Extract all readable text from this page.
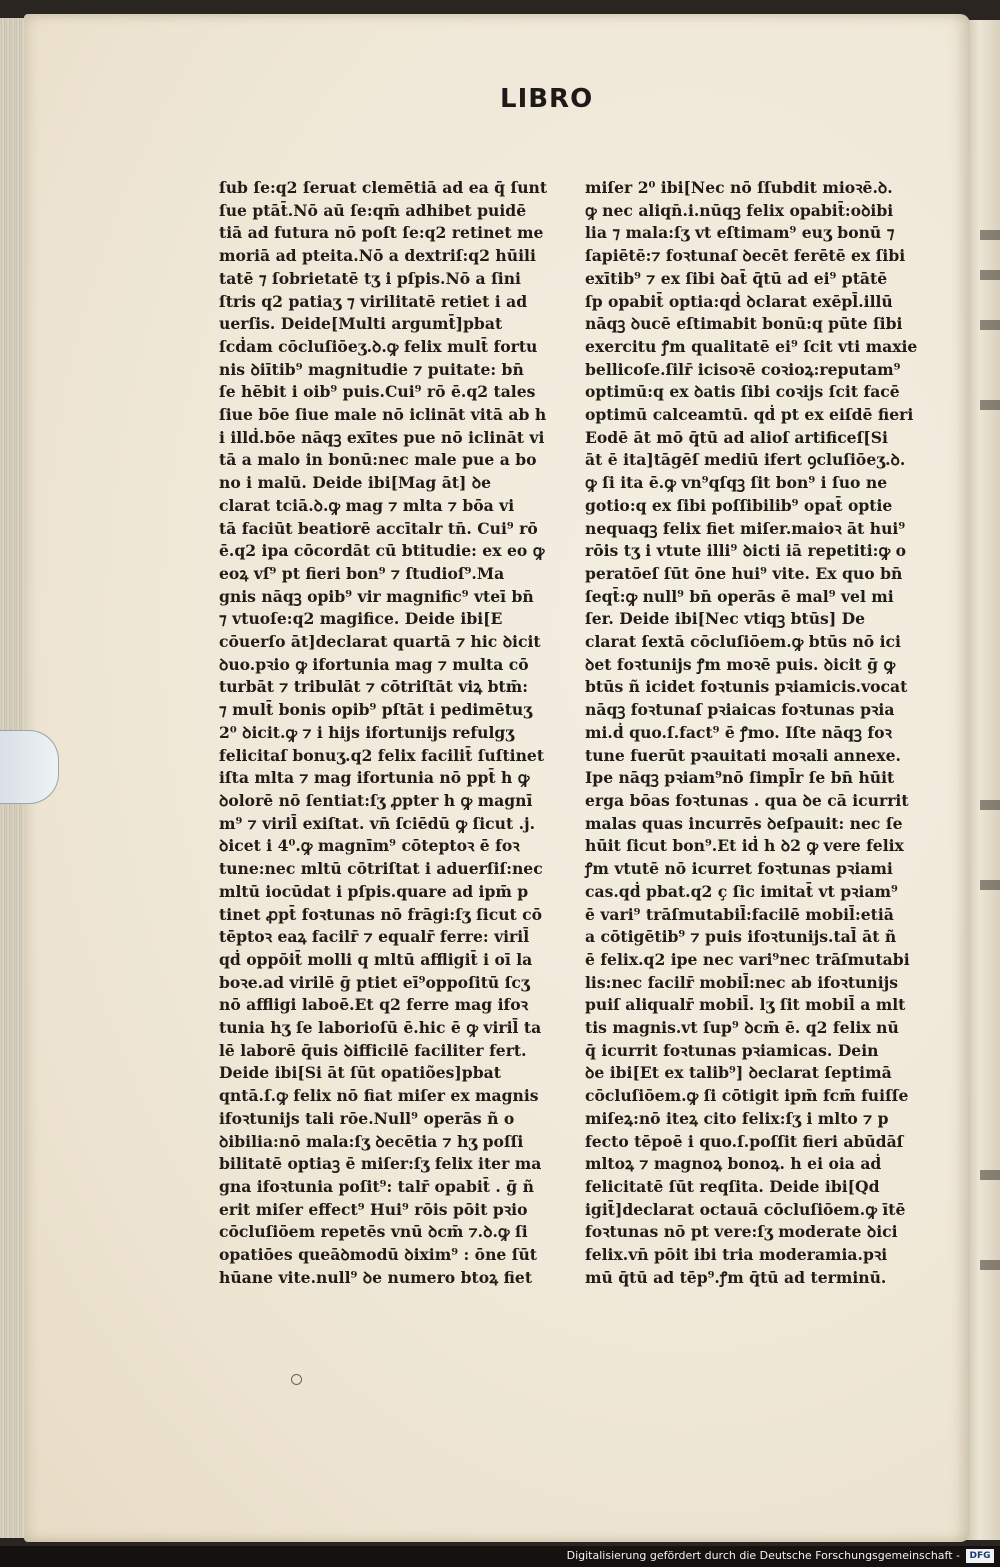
LIBRO
ſub ſe:q2 ſeruat clemētiā ad ea q̄ ſunt
ſue ptāt̄.Nō aū ſe:qm̄ adhibet puidē
tiā ad futura nō poſt ſe:q2 retinet me
moriā ad pteita.Nō a dextriſ:q2 hūili
tatē ⁊ ſobrietatē tʒ i pſpis.Nō a ſini
ſtris q2 patiaʒ ⁊ virilitatē retiet i ad
uerſis. Deide[Multi argumt̄]pbat
ſcḋam cōcluſiōeʒ.ꝺ.ꝙ felix mult̄ fortu
nis ꝺiītib⁹ magnitudie ⁊ puitate: bn̄
ſe hēbit i oib⁹ puis.Cui⁹ rō ē.q2 tales
ſiue bōe ſiue male nō iclināt vitā ab h
i illḋ.bōe nāqꝫ exītes pue nō iclināt vi
tā a malo in bonū:nec male pue a bo
no i malū. Deide ibi[Mag āt] ꝺe
clarat tciā.ꝺ.ꝙ mag ⁊ mlta ⁊ bōa vi
tā faciūt beatiorē accītalr tn̄. Cui⁹ rō
ē.q2 ipa cōcordāt cū btitudie: ex eo ꝙ
eoꝝ vſ⁹ pt fieri bon⁹ ⁊ ſtudioſ⁹.Ma
gnis nāqꝫ opib⁹ vir magnific⁹ vteī bn̄
⁊ vtuoſe:q2 magifice. Deide ibi[E
cōuerſo āt]declarat quartā ⁊ hic ꝺicit
ꝺuo.pꝛio ꝙ ifortunia mag ⁊ multa cō
turbāt ⁊ tribulāt ⁊ cōtriſtāt viꝝ btm̄:
⁊ mult̄ bonis opib⁹ pſtāt i pedimētuʒ
2⁰ ꝺicit.ꝙ ⁊ i hijs ifortunijs refulgʒ
felicitaſ bonuʒ.q2 felix facilit̄ ſuſtinet
iſta mlta ⁊ mag ifortunia nō ppt̄ h ꝙ
ꝺolorē nō ſentiat:ſʒ ꝓpter h ꝙ magnī
m⁹ ⁊ viril̄ exiſtat. vn̄ ſciēdū ꝙ ſicut .j.
ꝺicet i 4⁰.ꝙ magnīm⁹ cōteptoꝛ ē foꝛ
tune:nec mltū cōtriſtat i aduerſiſ:nec
mltū iocūdat i pſpis.quare ad ipm̄ p
tinet ꝓpt̄ foꝛtunas nō frāgi:ſʒ ſicut cō
tēptoꝛ eaꝝ facilr̄ ⁊ equalr̄ ferre: viril̄
qḋ oppōit̄ molli q mltū affligit̄ i oī la
boꝛe.ad virilē ḡ ptiet eī⁹oppoſitū ſcʒ
nō affligi laboē.Et q2 ferre mag ifoꝛ
tunia hʒ ſe laborioſū ē.hic ē ꝙ viril̄ ta
lē laborē q̄uis ꝺifficilē faciliter fert.
Deide ibi[Si āt ſūt opatiões]pbat
qntā.ſ.ꝙ felix nō fiat miſer ex magnis
ifoꝛtunijs tali rōe.Null⁹ operās ñ o
ꝺibilia:nō mala:ſʒ ꝺecētia ⁊ hʒ poſſi
bilitatē optiaꝫ ē miſer:ſʒ felix iter ma
gna ifoꝛtunia poſit⁹: talr̄ opabit̄ . ḡ ñ
erit miſer effect⁹ Hui⁹ rōis pōit pꝛio
cōcluſiōem repetēs vnū ꝺcm̄ ⁊.ꝺ.ꝙ ſi
opatiōes queāꝺmodū ꝺixim⁹ : ōne ſūt
hūane vite.null⁹ ꝺe numero btoꝝ fiet
miſer 2⁰ ibi[Nec nō ſſubdit mioꝛē.ꝺ.
ꝙ nec aliqn̄.i.nūqꝫ felix opabit̄:oꝺibi
lia ⁊ mala:ſʒ vt eſtimam⁹ euʒ bonū ⁊
ſapiētē:⁊ foꝛtunaſ ꝺecēt ferētē ex ſibi
exītib⁹ ⁊ ex ſibi ꝺat̄ q̄tū ad ei⁹ ptātē
ſp opabit̄ optia:qḋ ꝺclarat exēpl̄.illū
nāqꝫ ꝺucē eſtimabit bonū:q pūte ſibi
exercitu ꝭm qualitatē ei⁹ ſcit vti maxie
bellicoſe.ſilr̄ icisoꝛē coꝛioꝝ:reputam⁹
optimū:q ex ꝺatis ſibi coꝛijs ſcit facē
optimū calceamtū. qḋ pt ex eiſdē fieri
Eodē āt mō q̄tū ad alioſ artificeſ[Si
āt ē ita]tāgēſ mediū ifert ꝯcluſiōeʒ.ꝺ.
ꝙ ſi ita ē.ꝙ vn⁹qſqꝫ ſit bon⁹ i ſuo ne
gotio:q ex ſibi poſſibilib⁹ opat̄ optie
nequaqꝫ felix fiet miſer.maioꝛ āt hui⁹
rōis tʒ i vtute illi⁹ ꝺicti iā repetiti:ꝙ o
peratōeſ ſūt ōne hui⁹ vite. Ex quo bn̄
ſeqt̄:ꝙ null⁹ bn̄ operās ē mal⁹ vel mi
ſer. Deide ibi[Nec vtiqꝫ btūs] De
clarat ſextā cōcluſiōem.ꝙ btūs nō ici
ꝺet foꝛtunijs ꝭm moꝛē puis. ꝺicit ḡ ꝙ
btūs ñ icidet foꝛtunis pꝛiamicis.vocat
nāqꝫ foꝛtunaſ pꝛiaicas foꝛtunas pꝛia
mi.ḋ quo.ſ.fact⁹ ē ꝭmo. Iſte nāqꝫ foꝛ
tune fuerūt pꝛauitati moꝛali annexe.
Ipe nāqꝫ pꝛiam⁹nō ſimpl̄r ſe bn̄ hūit
erga bōas foꝛtunas . qua ꝺe cā icurrit
malas quas incurrēs ꝺeſpauit: nec ſe
hūit ſicut bon⁹.Et iḋ h ꝺ2 ꝙ vere felix
ꝭm vtutē nō icurret foꝛtunas pꝛiami
cas.qḋ pbat.q2 ç ſic imitat̄ vt pꝛiam⁹
ē vari⁹ trāſmutabil̄:facilē mobil̄:etiā
a cōtigētib⁹ ⁊ puis ifoꝛtunijs.tal̄ āt ñ
ē felix.q2 ipe nec vari⁹nec trāſmutabi
lis:nec facilr̄ mobil̄:nec ab ifoꝛtunijs
puiſ aliqualr̄ mobil̄. lʒ ſit mobil̄ a mlt
tis magnis.vt ſup⁹ ꝺcm̄ ē. q2 felix nū
q̄ icurrit foꝛtunas pꝛiamicas. Dein
ꝺe ibi[Et ex talib⁹] ꝺeclarat ſeptimā
cōcluſiōem.ꝙ ſi cōtigit ipm̄ fcm̄ fuiſſe
miſeꝝ:nō iteꝝ cito felix:ſʒ i mlto ⁊ p
fecto tēpoē i quo.ſ.poſſit fieri abūdāſ
mltoꝝ ⁊ magnoꝝ bonoꝝ. h ei oia aḋ
felicitatē ſūt reqſita. Deide ibi[Qd
igit̄]declarat octauā cōcluſiōem.ꝙ ītē
foꝛtunas nō pt vere:ſʒ moderate ꝺici
felix.vn̄ pōit ibi tria moderamia.pꝛi
mū q̄tū ad tēp⁹.ꝭm q̄tū ad terminū.
Digitalisierung gefördert durch die Deutsche Forschungsgemeinschaft -	DFG
